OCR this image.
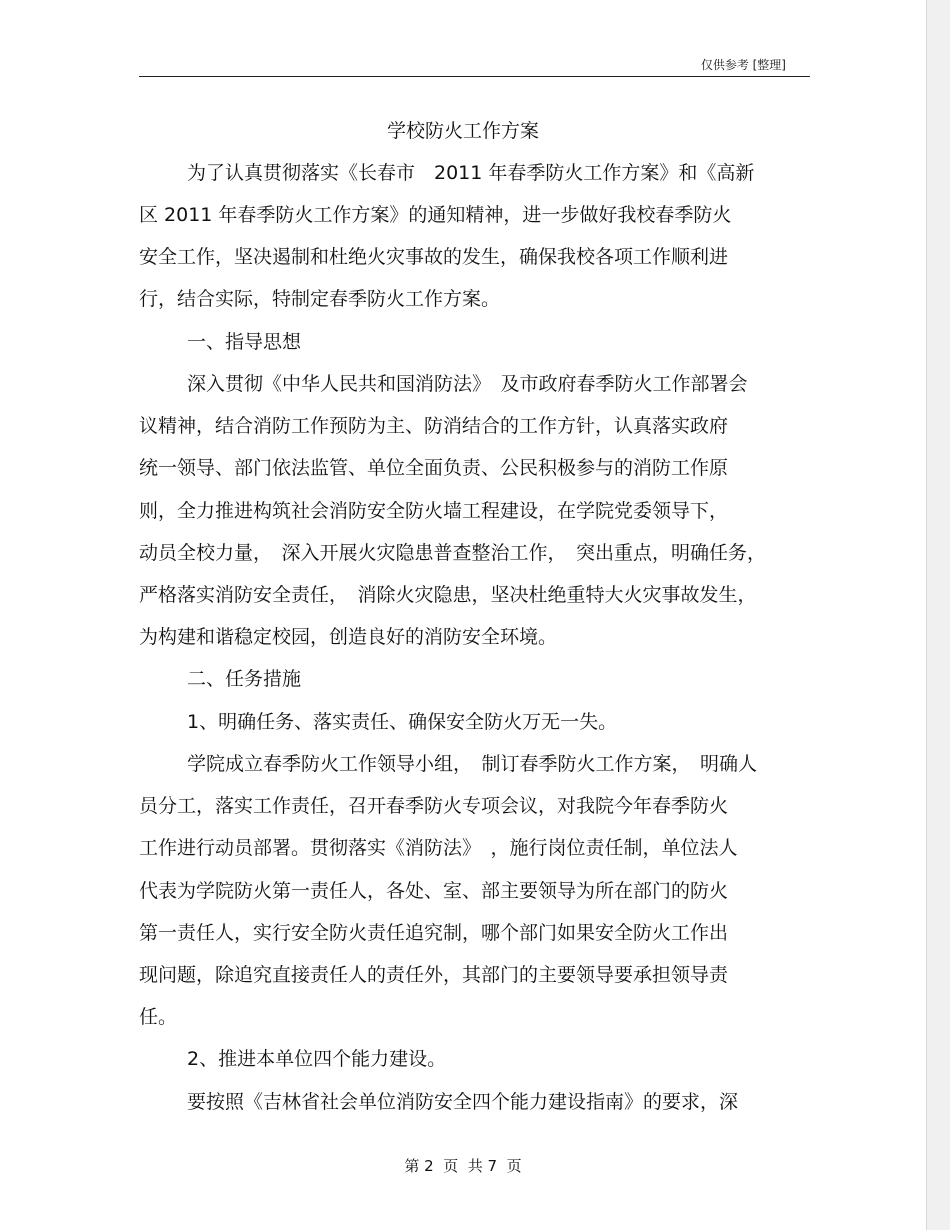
仅供参考 [整理]
学校防火工作方案
为了认真贯彻落实《长春市　2011 年春季防火工作方案》和《高新
区 2011 年春季防火工作方案》的通知精神，进一步做好我校春季防火
安全工作，坚决遏制和杜绝火灾事故的发生，确保我校各项工作顺利进
行，结合实际，特制定春季防火工作方案。
一、指导思想
深入贯彻《中华人民共和国消防法》　及市政府春季防火工作部署会
议精神，结合消防工作预防为主、防消结合的工作方针，认真落实政府
统一领导、部门依法监管、单位全面负责、公民积极参与的消防工作原
则，全力推进构筑社会消防安全防火墙工程建设，在学院党委领导下，
动员全校力量，　深入开展火灾隐患普查整治工作，　突出重点，明确任务，
严格落实消防安全责任，　消除火灾隐患，坚决杜绝重特大火灾事故发生，
为构建和谐稳定校园，创造良好的消防安全环境。
二、任务措施
1、明确任务、落实责任、确保安全防火万无一失。
学院成立春季防火工作领导小组，　制订春季防火工作方案，　明确人
员分工，落实工作责任，召开春季防火专项会议，对我院今年春季防火
工作进行动员部署。贯彻落实《消防法》　，施行岗位责任制，单位法人
代表为学院防火第一责任人，各处、室、部主要领导为所在部门的防火
第一责任人，实行安全防火责任追究制，哪个部门如果安全防火工作出
现问题，除追究直接责任人的责任外，其部门的主要领导要承担领导责
任。
2、推进本单位四个能力建设。
要按照《吉林省社会单位消防安全四个能力建设指南》的要求，深
第 2  页  共 7  页
